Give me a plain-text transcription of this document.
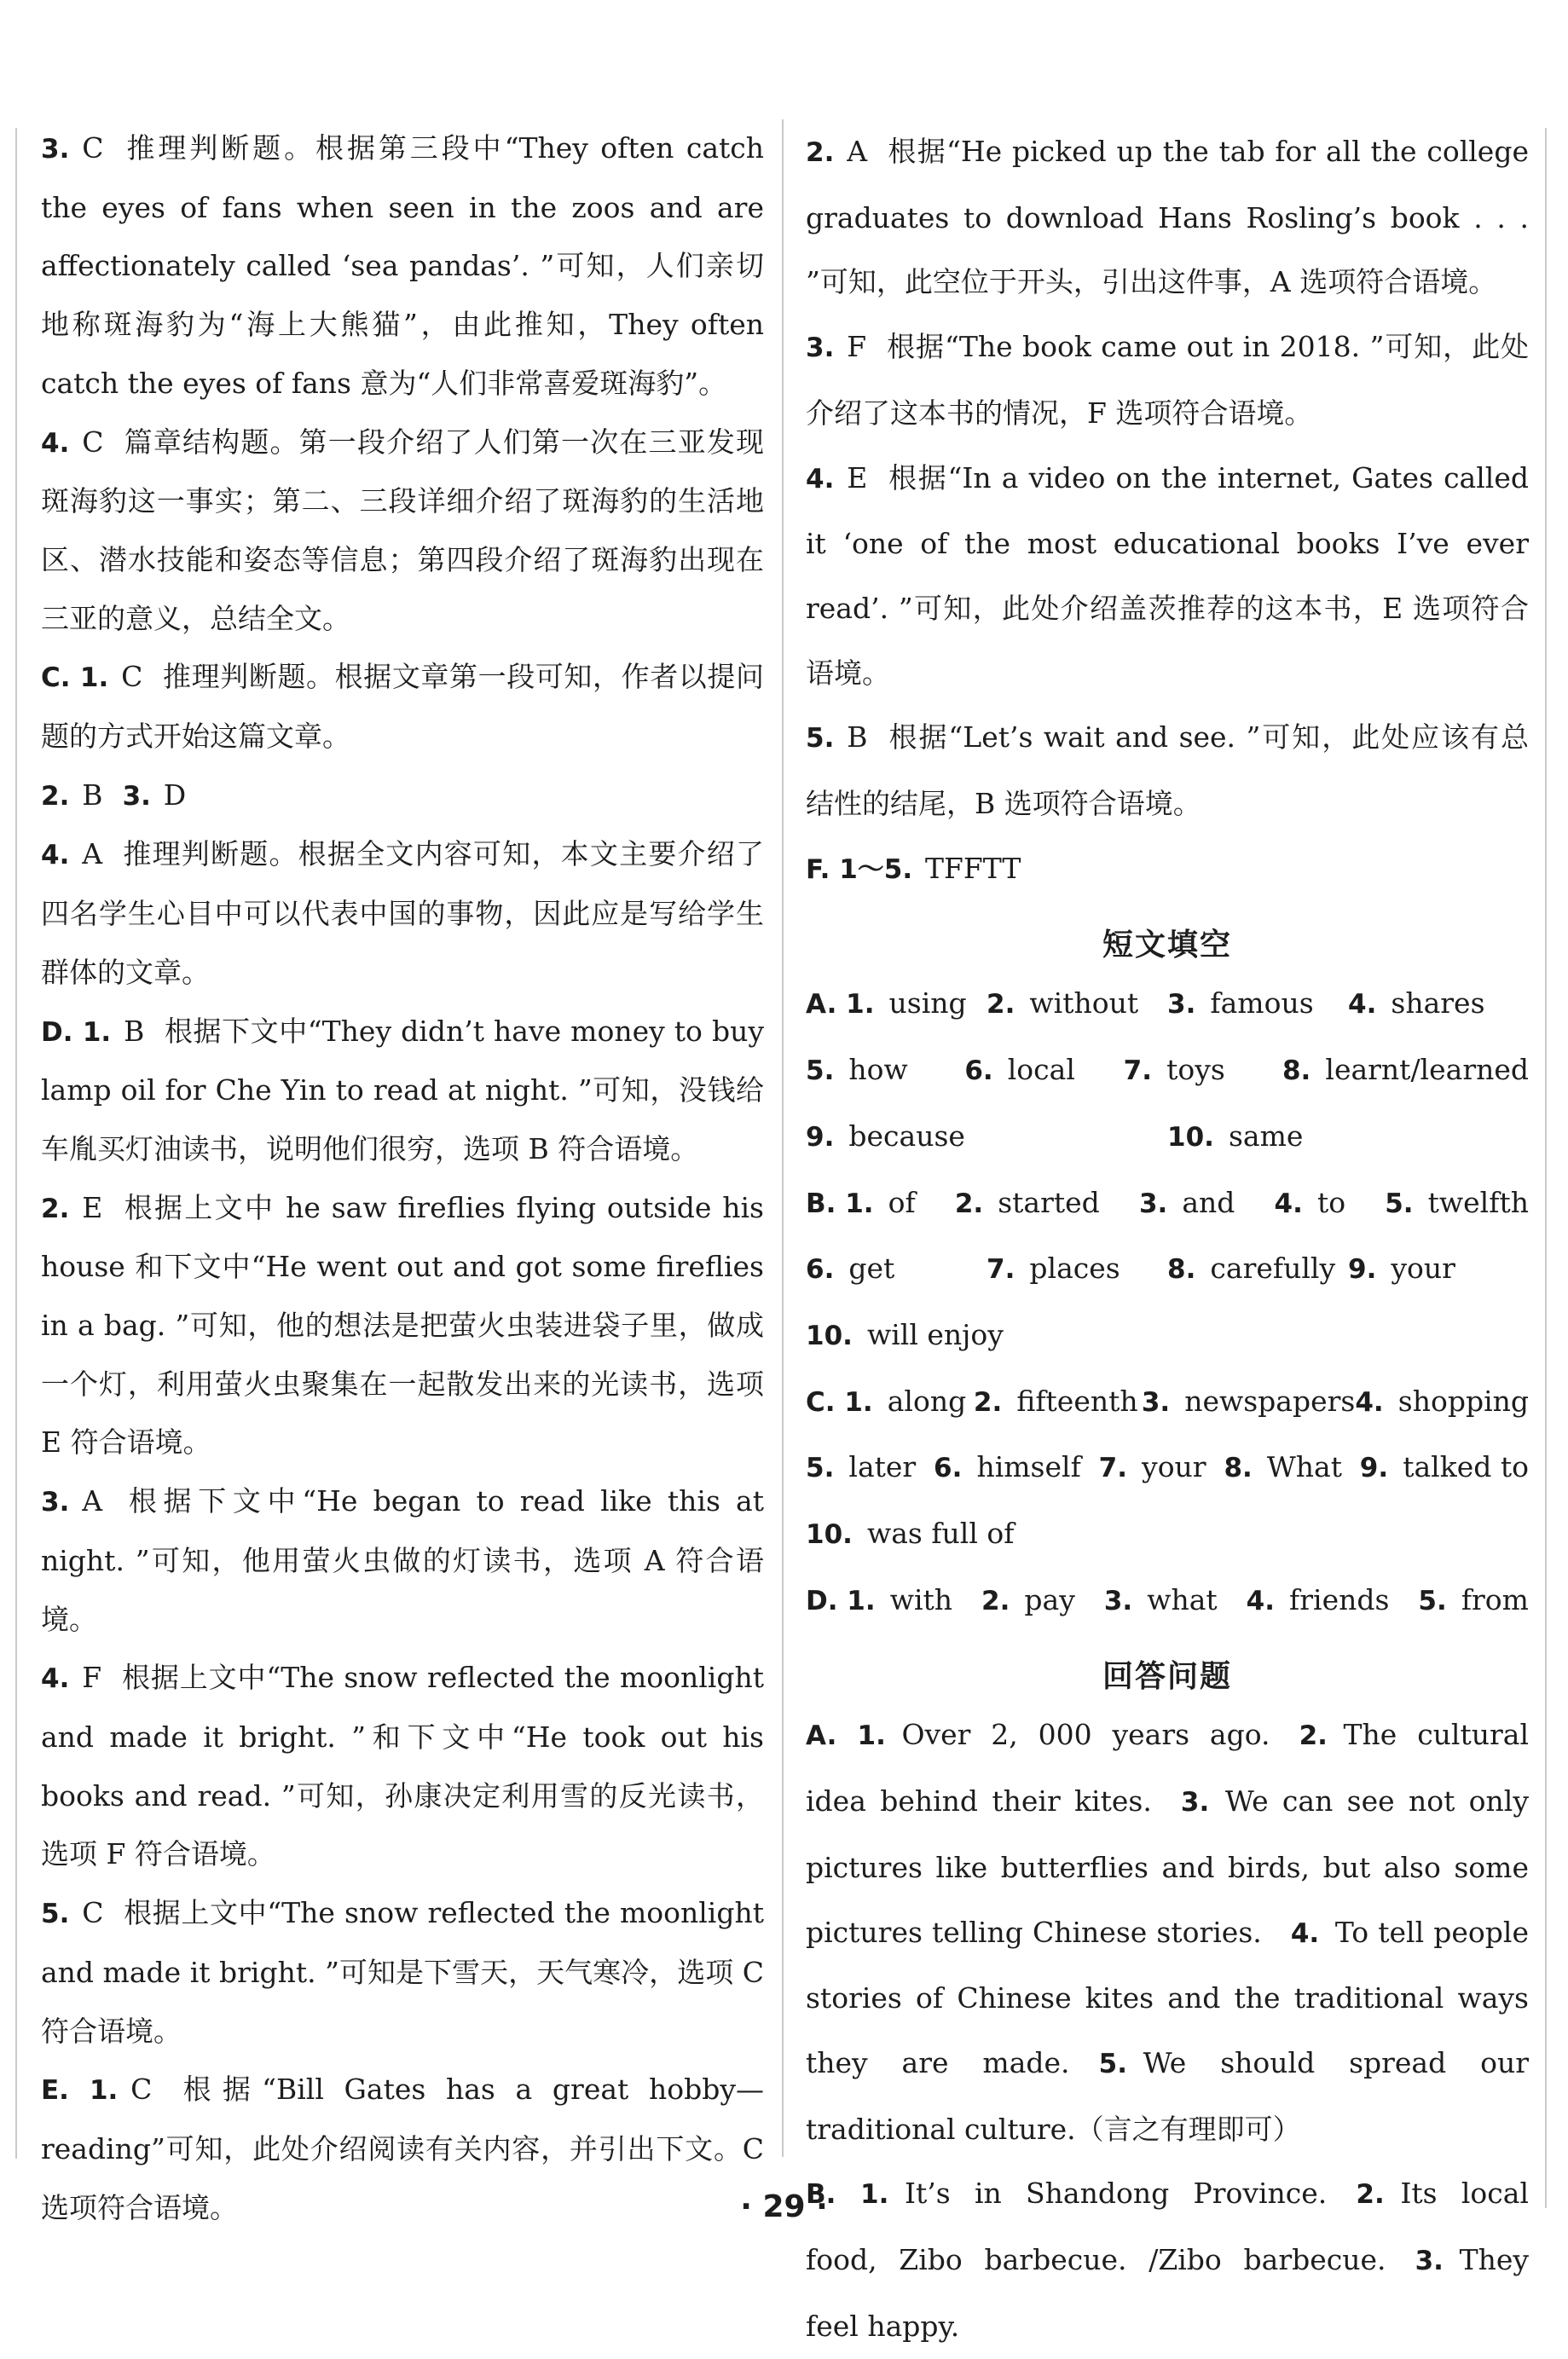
3. C 推理判断题。根据第三段中“They often catch the eyes of fans when seen in the zoos and are affectionately called ‘sea pandas’. ”可知，人们亲切地称斑海豹为“海上大熊猫”，由此推知，They often catch the eyes of fans 意为“人们非常喜爱斑海豹”。

4. C 篇章结构题。第一段介绍了人们第一次在三亚发现斑海豹这一事实；第二、三段详细介绍了斑海豹的生活地区、潜水技能和姿态等信息；第四段介绍了斑海豹出现在三亚的意义，总结全文。

C. 1. C 推理判断题。根据文章第一段可知，作者以提问题的方式开始这篇文章。

2. B 3. D

4. A 推理判断题。根据全文内容可知，本文主要介绍了四名学生心目中可以代表中国的事物，因此应是写给学生群体的文章。

D. 1. B 根据下文中“They didn’t have money to buy lamp oil for Che Yin to read at night. ”可知，没钱给车胤买灯油读书，说明他们很穷，选项 B 符合语境。

2. E 根据上文中 he saw fireflies flying outside his house 和下文中“He went out and got some fireflies in a bag. ”可知，他的想法是把萤火虫装进袋子里，做成一个灯，利用萤火虫聚集在一起散发出来的光读书，选项 E 符合语境。

3. A 根据下文中“He began to read like this at night. ”可知，他用萤火虫做的灯读书，选项 A 符合语境。

4. F 根据上文中“The snow reflected the moonlight and made it bright. ”和下文中“He took out his books and read. ”可知，孙康决定利用雪的反光读书，选项 F 符合语境。

5. C 根据上文中“The snow reflected the moonlight and made it bright. ”可知是下雪天，天气寒冷，选项 C 符合语境。

E. 1. C 根据“Bill Gates has a great hobby—reading”可知，此处介绍阅读有关内容，并引出下文。C 选项符合语境。

2. A 根据“He picked up the tab for all the college graduates to download Hans Rosling’s book . . . ”可知，此空位于开头，引出这件事，A 选项符合语境。

3. F 根据“The book came out in 2018. ”可知，此处介绍了这本书的情况，F 选项符合语境。

4. E 根据“In a video on the internet, Gates called it ‘one of the most educational books I’ve ever read’. ”可知，此处介绍盖茨推荐的这本书，E 选项符合语境。

5. B 根据“Let’s wait and see. ”可知，此处应该有总结性的结尾，B 选项符合语境。

F. 1～5. TFFTT

短文填空
A. 1. using 2. without	3. famous	4. shares
5. how	6. local	7. toys	8. learnt/learned
9. because	10. same
B. 1. of 2. started 3. and 4. to 5. twelfth
6. get	7. places	8. carefully 9. your
10. will enjoy
C. 1. along 2. fifteenth 3. newspapers 4. shopping
5. later 6. himself 7. your 8. What 9. talked to
10. was full of
D. 1. with 2. pay 3. what 4. friends 5. from
回答问题

A. 1. Over 2, 000 years ago. 2. The cultural idea behind their kites. 3. We can see not only pictures like butterflies and birds, but also some pictures telling Chinese stories. 4. To tell people stories of Chinese kites and the traditional ways they are made. 5. We should spread our traditional culture.（言之有理即可）
B. 1. It’s in Shandong Province. 2. Its local food, Zibo barbecue. /Zibo barbecue. 3. They feel happy.

· 29 ·
